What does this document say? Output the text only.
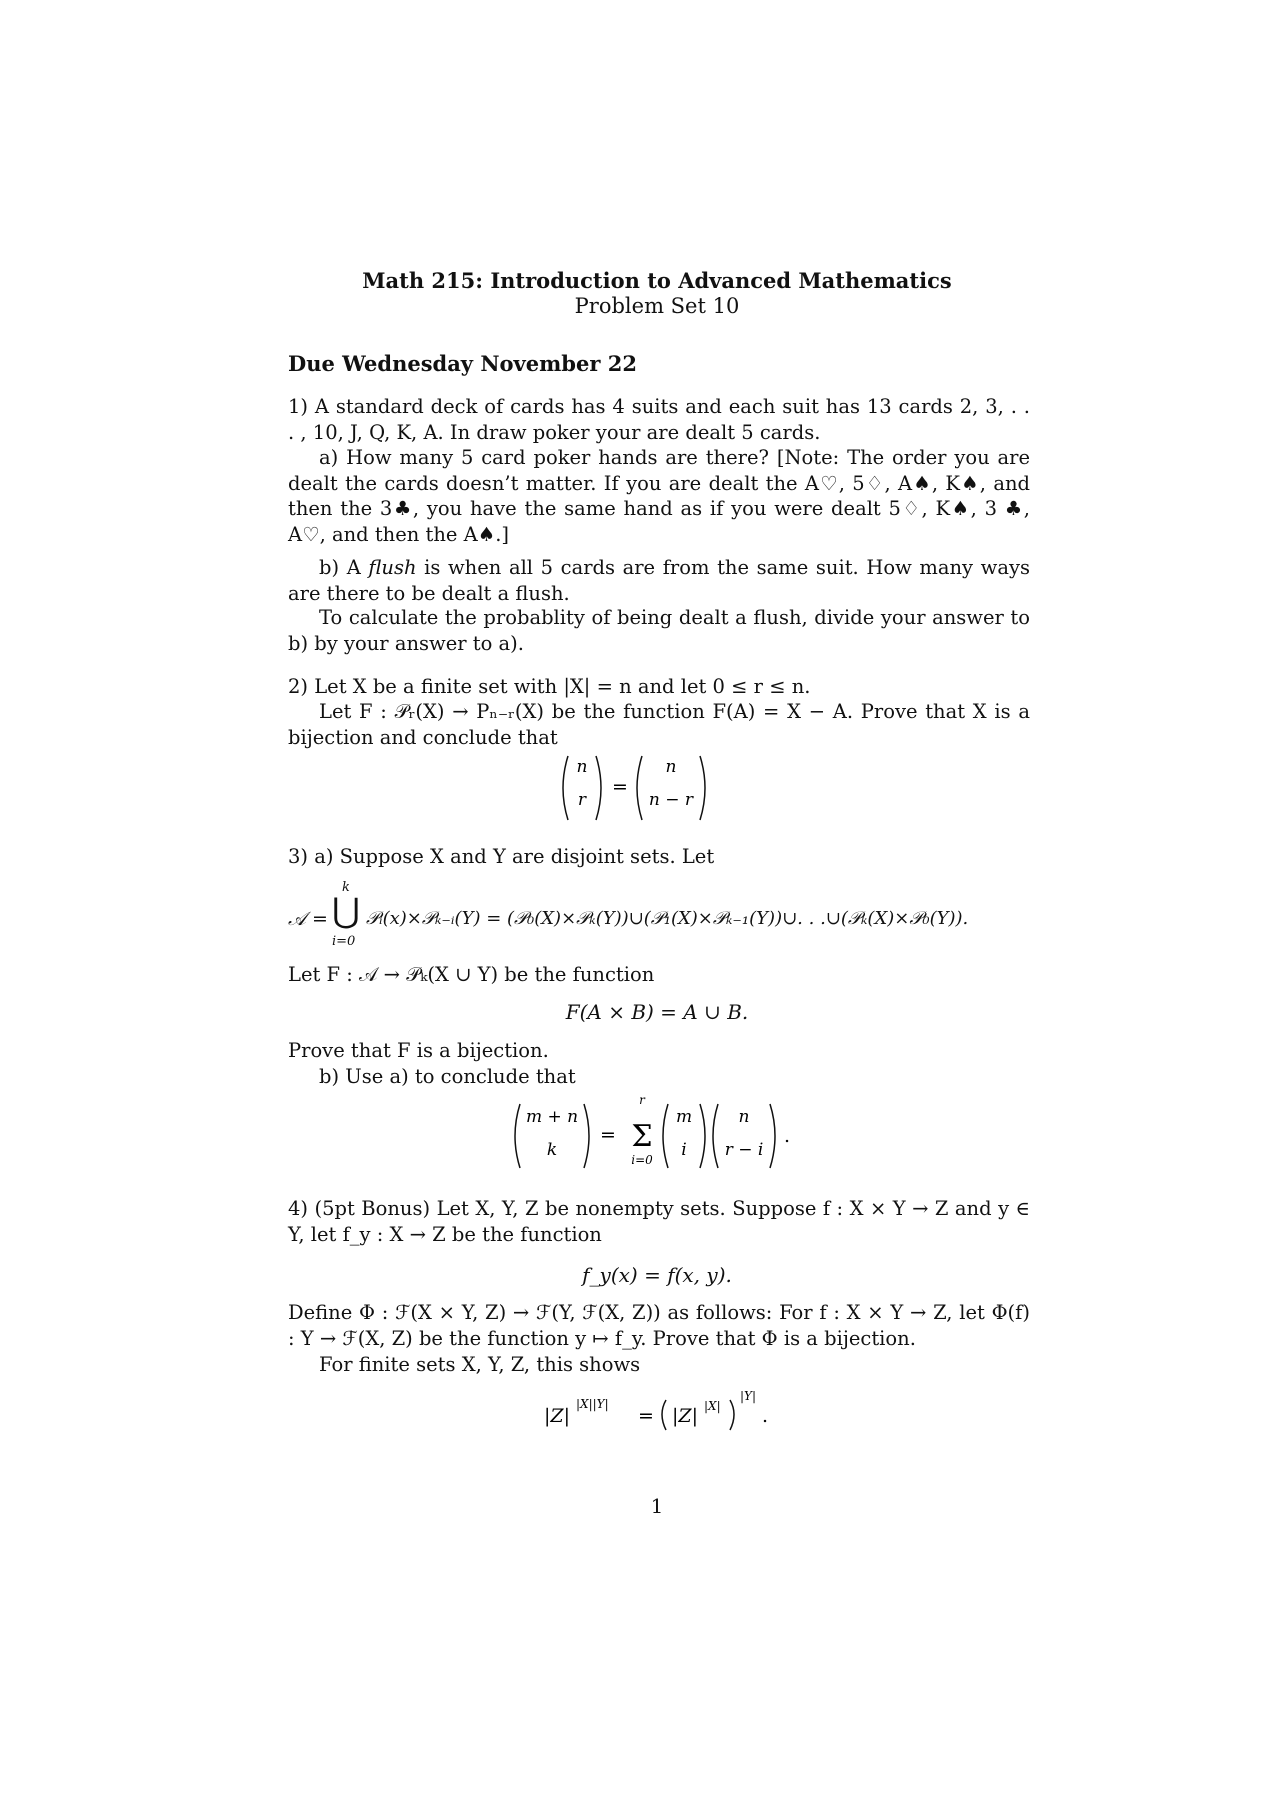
Math 215: Introduction to Advanced Mathematics
Problem Set 10
Due Wednesday November 22
1) A standard deck of cards has 4 suits and each suit has 13 cards 2, 3, . . . , 10, J, Q, K, A. In draw poker your are dealt 5 cards.
a) How many 5 card poker hands are there? [Note: The order you are dealt the cards doesn’t matter. If you are dealt the A♡, 5♢, A♠, K♠, and then the 3♣, you have the same hand as if you were dealt 5♢, K♠, 3 ♣, A♡, and then the A♠.]
b) A flush is when all 5 cards are from the same suit. How many ways are there to be dealt a flush.
To calculate the probablity of being dealt a flush, divide your answer to b) by your answer to a).
2) Let X be a finite set with |X| = n and let 0 ≤ r ≤ n.
Let F : 𝒫ᵣ(X) → Pₙ₋ᵣ(X) be the function F(A) = X − A. Prove that X is a bijection and conclude that
n
r
=
n
n − r
3) a) Suppose X and Y are disjoint sets. Let
𝒜 =
k
⋃
i=0
𝒫ᵢ(x)×𝒫ₖ₋ᵢ(Y) = (𝒫₀(X)×𝒫ₖ(Y))∪(𝒫₁(X)×𝒫ₖ₋₁(Y))∪. . .∪(𝒫ₖ(X)×𝒫₀(Y)).
Let F : 𝒜 → 𝒫ₖ(X ∪ Y) be the function
F(A × B) = A ∪ B.
Prove that F is a bijection.
b) Use a) to conclude that
m + n
k
=
r
Σ
i=0
m
i
n
r − i
.
4) (5pt Bonus) Let X, Y, Z be nonempty sets. Suppose f : X × Y → Z and y ∈ Y, let f_y : X → Z be the function
f_y(x) = f(x, y).
Define Φ : ℱ(X × Y, Z) → ℱ(Y, ℱ(X, Z)) as follows: For f : X × Y → Z, let Φ(f) : Y → ℱ(X, Z) be the function y ↦ f_y. Prove that Φ is a bijection.
For finite sets X, Y, Z, this shows
|Z|
|X||Y|
= |Z| |X|
|Y|
.
1
